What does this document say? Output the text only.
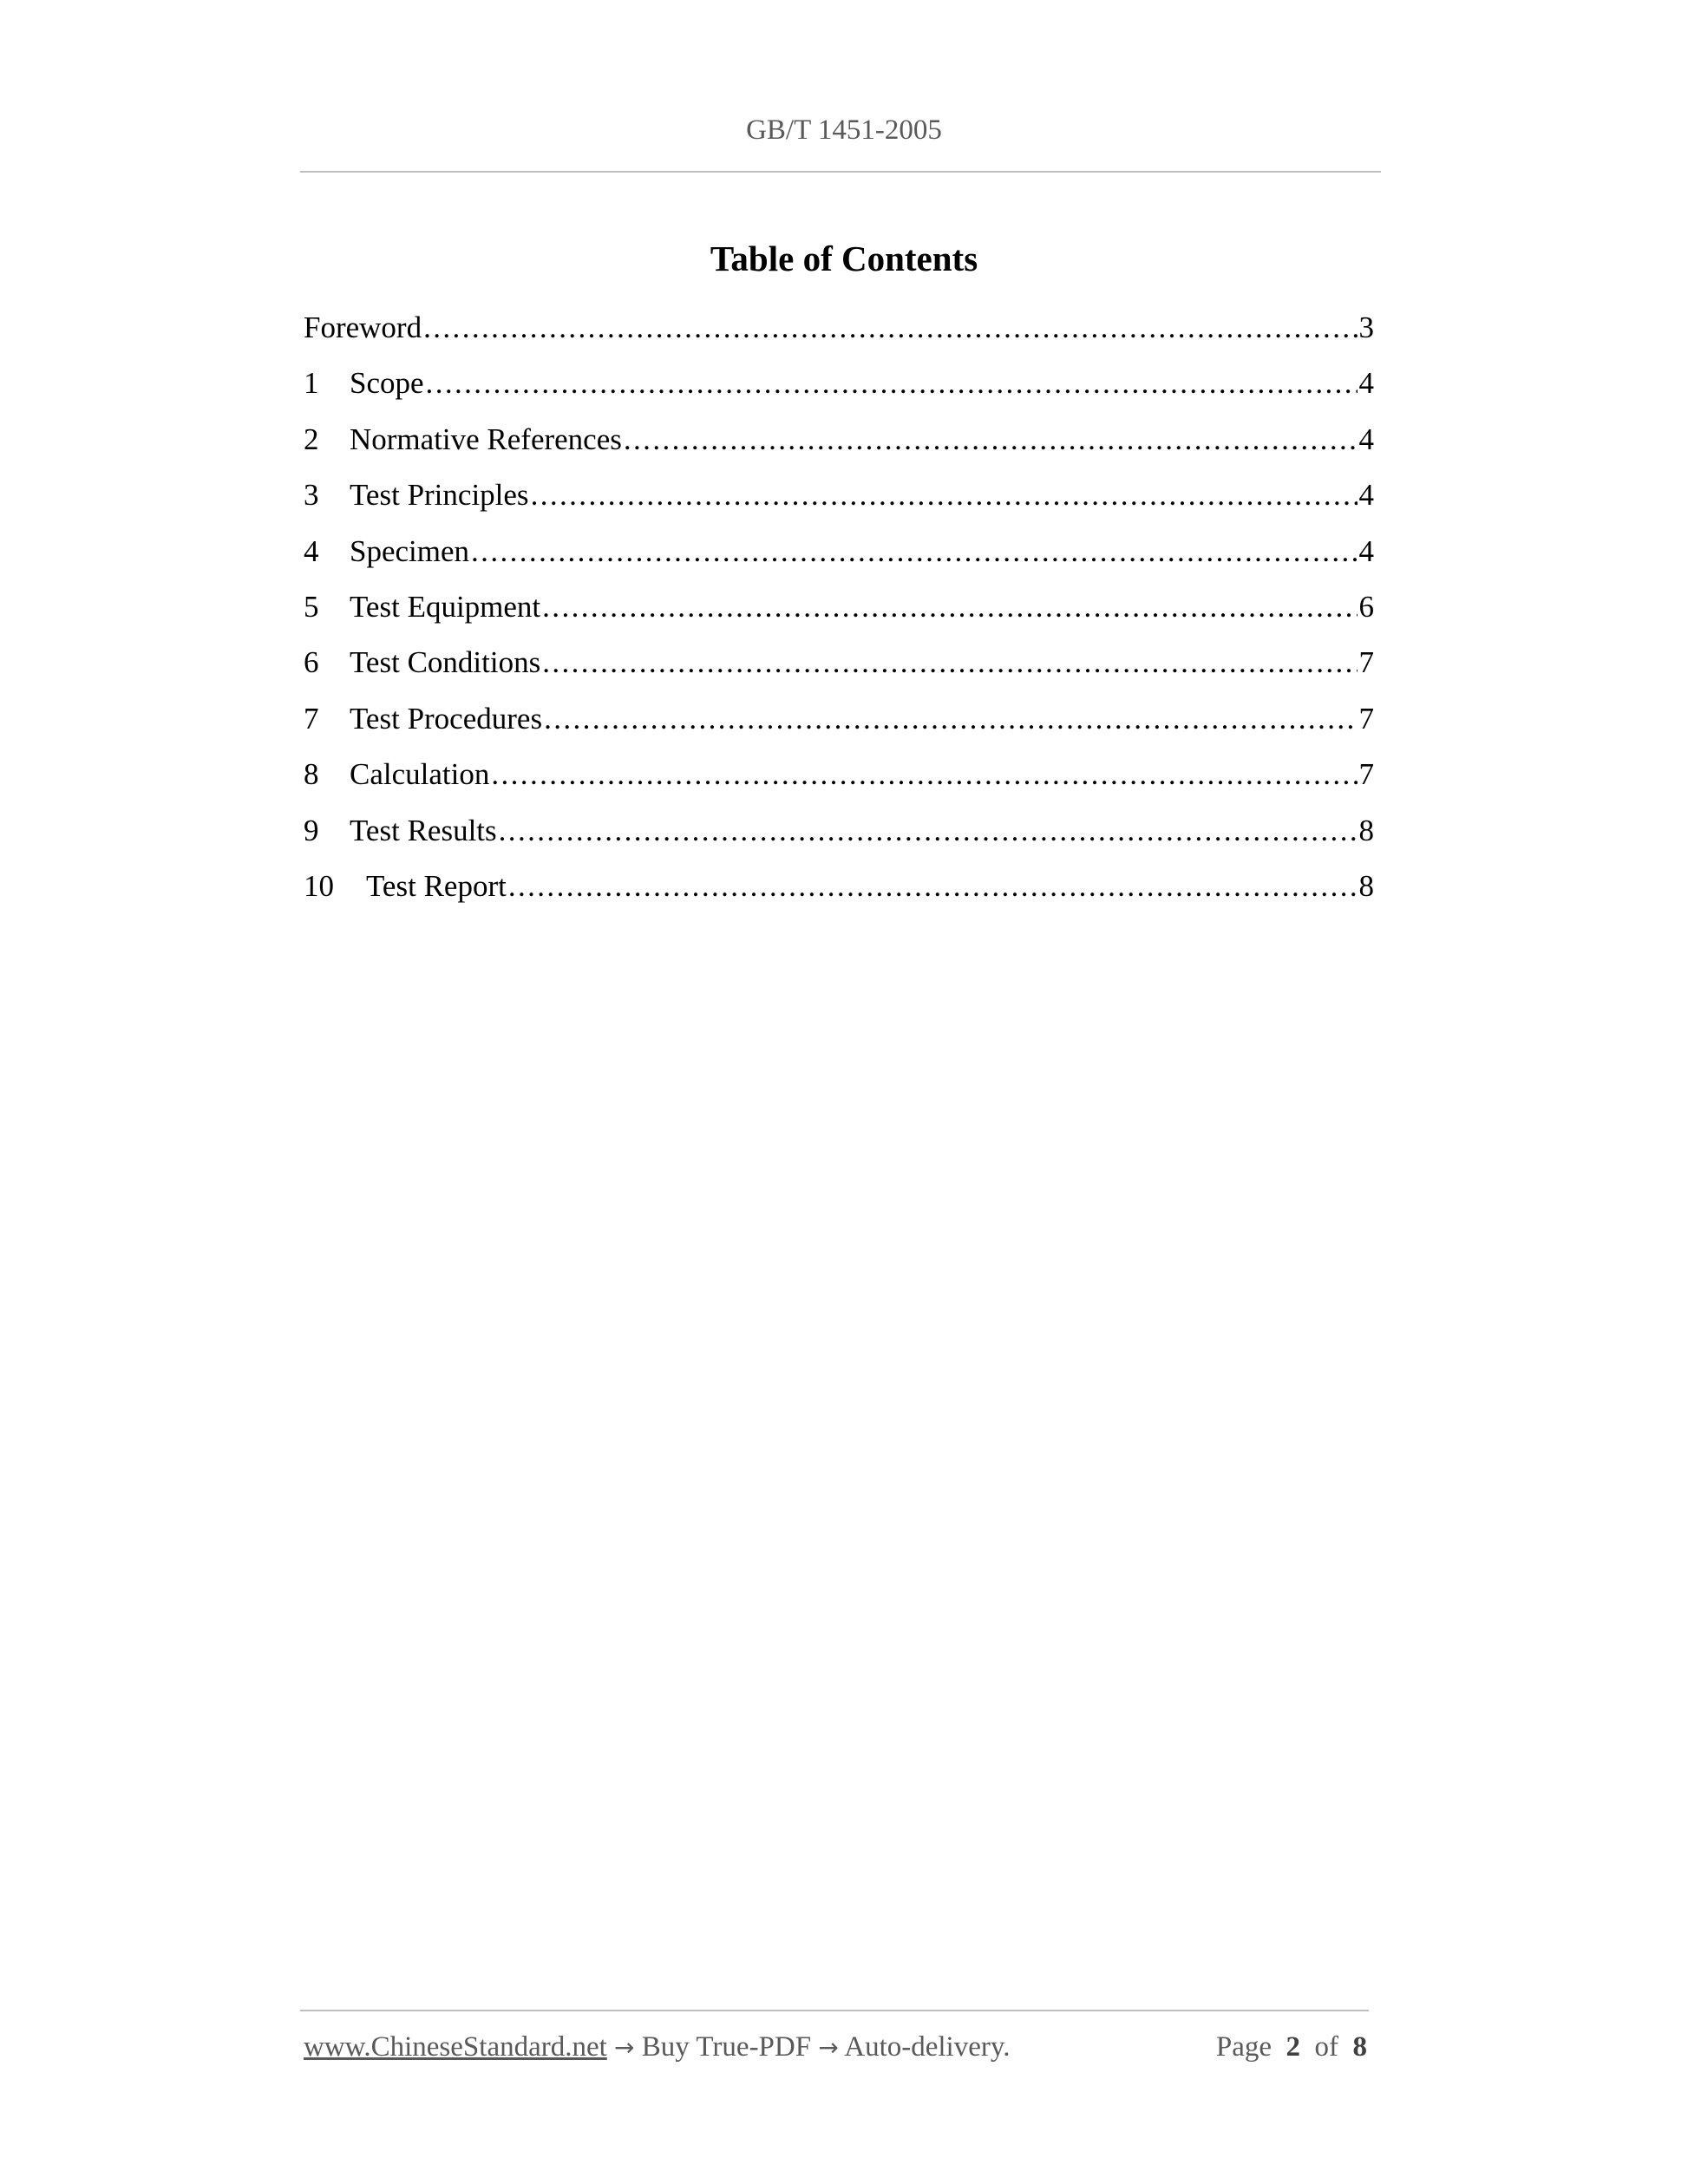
GB/T 1451-2005
Table of Contents
Foreword .....	3
1	Scope .....	4
2	Normative References .....	4
3	Test Principles .....	4
4	Specimen .....	4
5	Test Equipment .....	6
6	Test Conditions .....	7
7	Test Procedures .....	7
8	Calculation .....	7
9	Test Results .....	8
10	Test Report .....	8
www.ChineseStandard.net → Buy True-PDF → Auto-delivery.	Page 2 of 8
